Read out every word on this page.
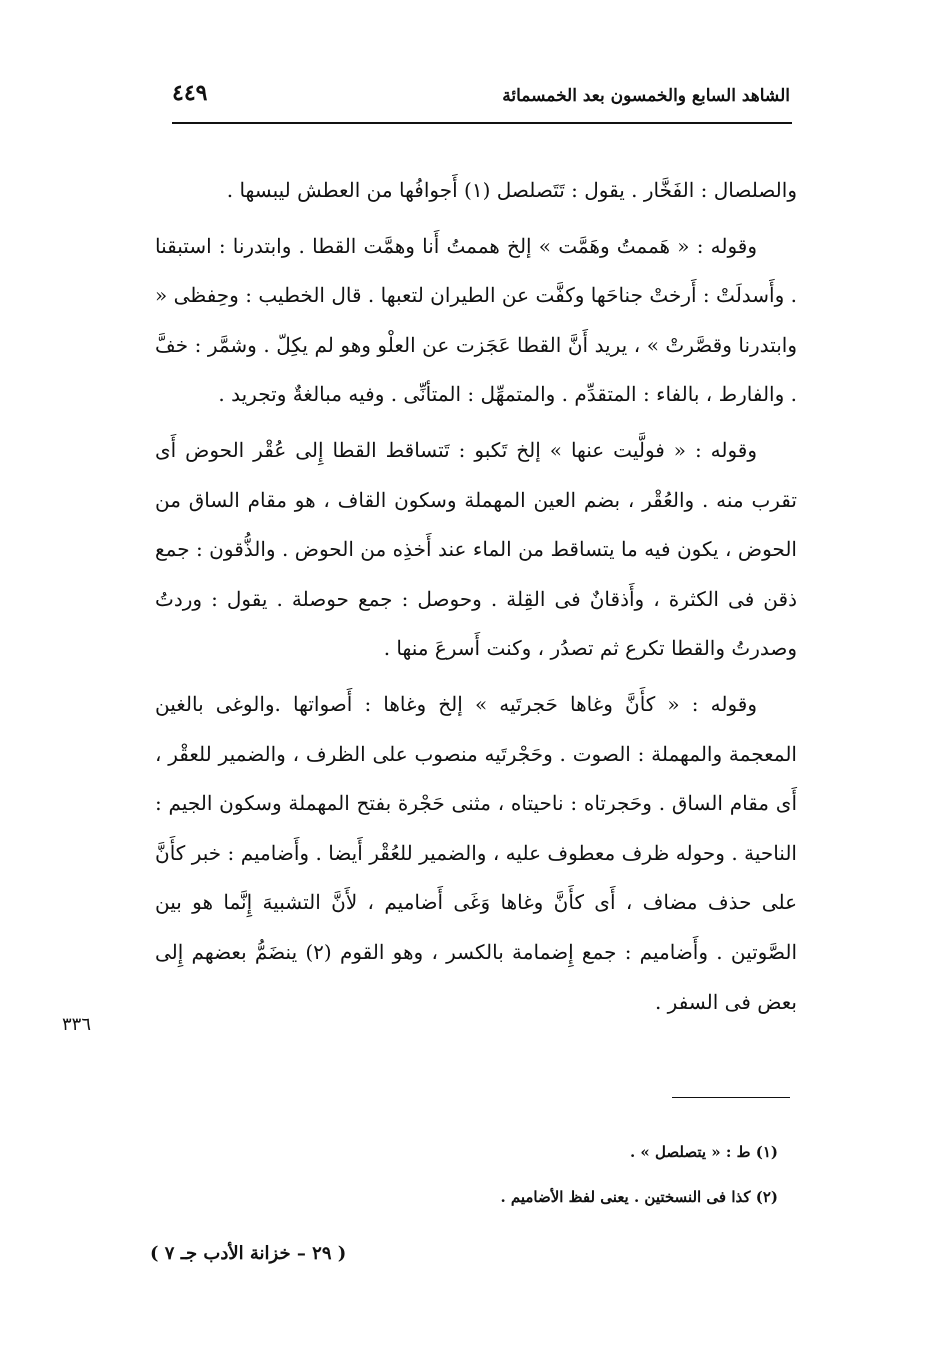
الشاهد السابع والخمسون بعد الخمسمائة
٤٤٩

والصلصال : الفَخَّار . يقول : تَتَصلصل (١) أَجوافُها من العطش ليبسها .

وقوله : « هَممتُ وهَمَّت » إلخ هممتُ أَنا وهمَّت القطا . وابتدرنا : استبقنا . وأَسدلَتْ : أَرختْ جناحَها وكفَّت عن الطيران لتعبها . قال الخطيب : وحِفظى « وابتدرنا وقصَّرتْ » ، يريد أَنَّ القطا عَجَزت عن العلْو وهو لم يكِلّ . وشمَّر : خفَّ . والفارط ، بالفاء : المتقدِّم . والمتمهِّل : المتأنِّى . وفيه مبالغةٌ وتجريد .

وقوله : « فولَّيت عنها » إلخ تَكبو : تَتساقط القطا إِلى عُقْر الحوض أَى تقرب منه . والعُقْر ، بضم العين المهملة وسكون القاف ، هو مقام الساق من الحوض ، يكون فيه ما يتساقط من الماء عند أَخذِه من الحوض . والذُّقون : جمع ذقن فى الكثرة ، وأَذقانٌ فى القِلة . وحوصل : جمع حوصلة . يقول : وردتُ وصدرتُ والقطا تكرع ثم تصدُر ، وكنت أَسرعَ منها .

وقوله : « كأَنَّ وغاها حَجرتَيه » إلخ وغاها : أَصواتها .والوغى بالغين المعجمة والمهملة : الصوت . وحَجْرتَيه منصوب على الظرف ، والضمير للعقْر ، أَى مقام الساق . وحَجرتاه : ناحيتاه ، مثنى حَجْرة بفتح المهملة وسكون الجيم : الناحية . وحوله ظرف معطوف عليه ، والضمير للعُقْر أَيضا . وأَضاميم : خبر كأَنَّ على حذف مضاف ، أَى كأَنَّ وغاها وَغَى أَضاميم ، لأَنَّ التشبيهَ إِنَّما هو بين الصَّوتين . وأَضاميم : جمع إِضمامة بالكسر ، وهو القوم (٢) ينضَمُّ بعضهم إِلى بعض فى السفر .

٣٣٦

(١) ط : « يتصلصل » .

(٢) كذا فى النسختين . يعنى لفظ الأضاميم .

( ٢٩ – خزانة الأدب جـ ٧ )
